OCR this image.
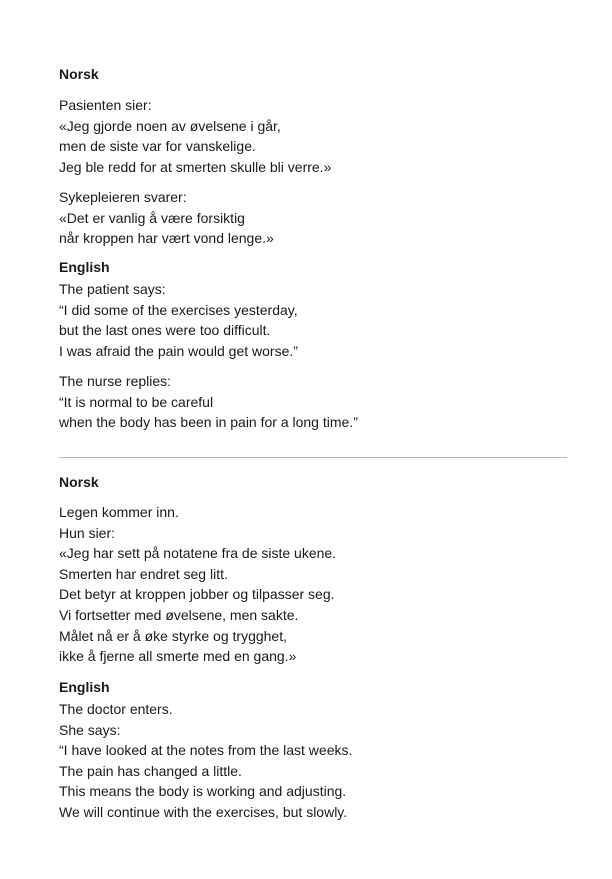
Norsk
Pasienten sier:
«Jeg gjorde noen av øvelsene i går,
men de siste var for vanskelige.
Jeg ble redd for at smerten skulle bli verre.»
Sykepleieren svarer:
«Det er vanlig å være forsiktig
når kroppen har vært vond lenge.»
English
The patient says:
“I did some of the exercises yesterday,
but the last ones were too difficult.
I was afraid the pain would get worse.”
The nurse replies:
“It is normal to be careful
when the body has been in pain for a long time.”
Norsk
Legen kommer inn.
Hun sier:
«Jeg har sett på notatene fra de siste ukene.
Smerten har endret seg litt.
Det betyr at kroppen jobber og tilpasser seg.
Vi fortsetter med øvelsene, men sakte.
Målet nå er å øke styrke og trygghet,
ikke å fjerne all smerte med en gang.»
English
The doctor enters.
She says:
“I have looked at the notes from the last weeks.
The pain has changed a little.
This means the body is working and adjusting.
We will continue with the exercises, but slowly.
